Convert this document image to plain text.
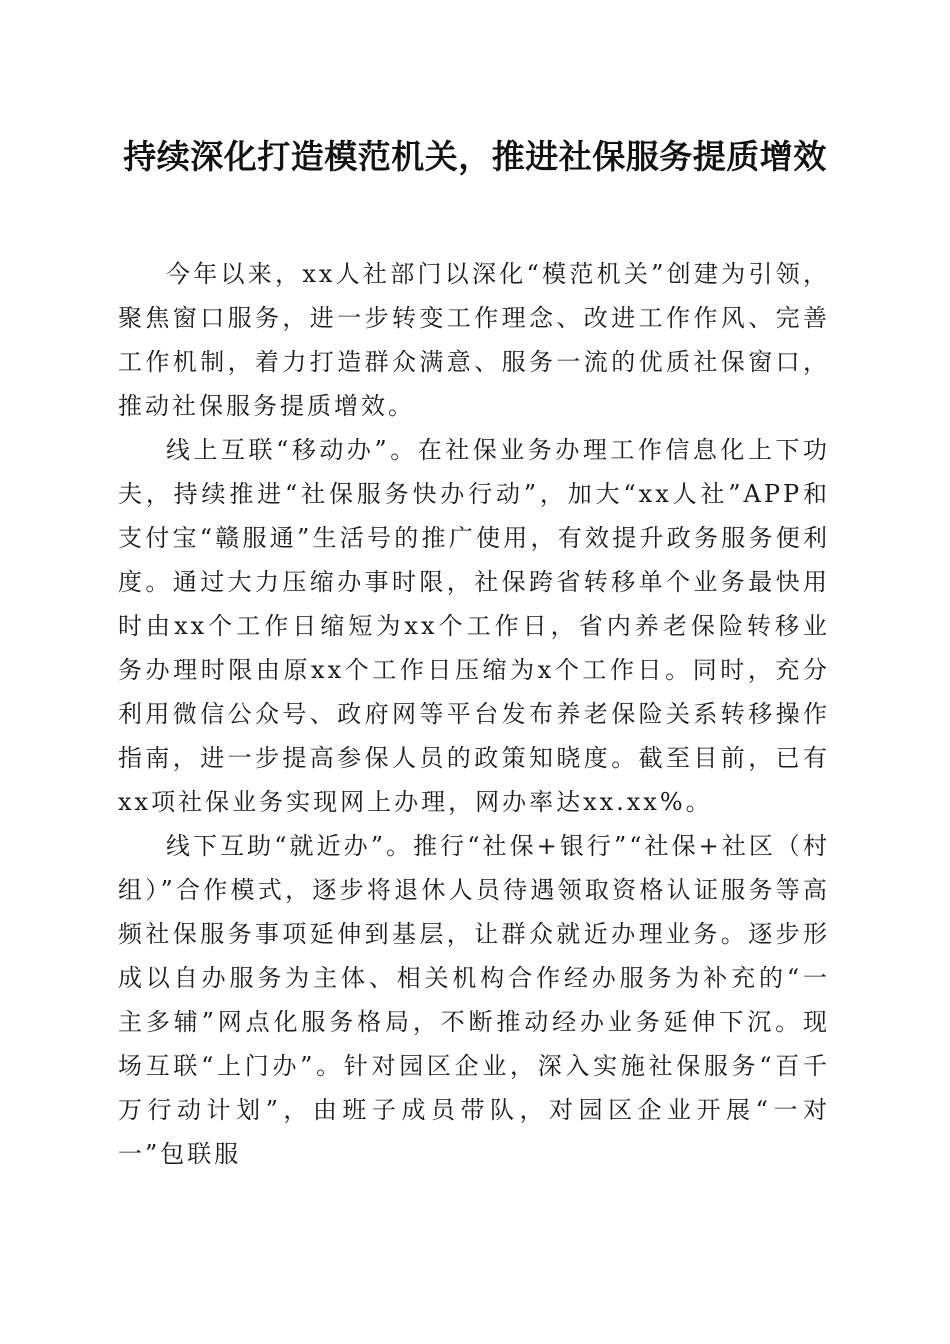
持续深化打造模范机关，推进社保服务提质增效

今年以来，xx人社部门以深化“模范机关”创建为引领，聚焦窗口服务，进一步转变工作理念、改进工作作风、完善工作机制，着力打造群众满意、服务一流的优质社保窗口，推动社保服务提质增效。

线上互联“移动办”。在社保业务办理工作信息化上下功夫，持续推进“社保服务快办行动”，加大“xx人社”APP和支付宝“赣服通”生活号的推广使用，有效提升政务服务便利度。通过大力压缩办事时限，社保跨省转移单个业务最快用时由xx个工作日缩短为xx个工作日，省内养老保险转移业务办理时限由原xx个工作日压缩为x个工作日。同时，充分利用微信公众号、政府网等平台发布养老保险关系转移操作指南，进一步提高参保人员的政策知晓度。截至目前，已有xx项社保业务实现网上办理，网办率达xx.xx%。

线下互助“就近办”。推行“社保+银行”“社保+社区（村组）”合作模式，逐步将退休人员待遇领取资格认证服务等高频社保服务事项延伸到基层，让群众就近办理业务。逐步形成以自办服务为主体、相关机构合作经办服务为补充的“一主多辅”网点化服务格局，不断推动经办业务延伸下沉。现场互联“上门办”。针对园区企业，深入实施社保服务“百千万行动计划”，由班子成员带队，对园区企业开展“一对一”包联服
